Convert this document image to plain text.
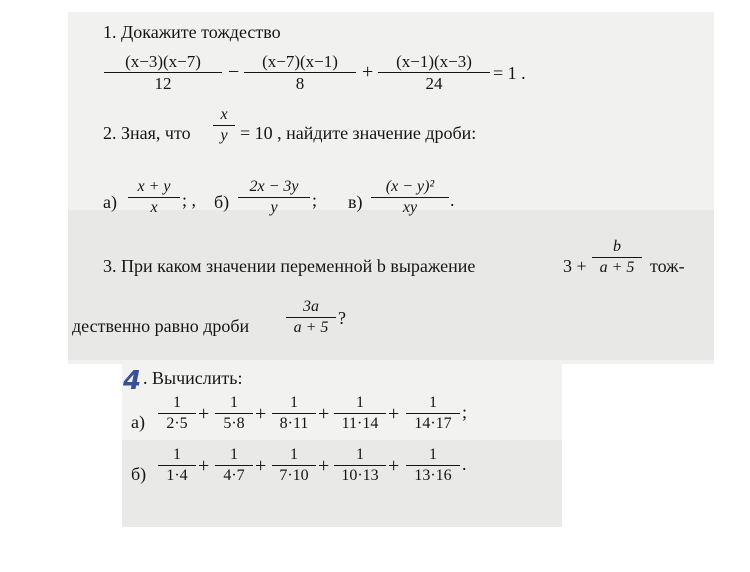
1. Докажите тождество
(x−3)(x−7)
12
−	(x−7)(x−1)
8
+	(x−1)(x−3)
24
= 1 .
2. Зная, что
x
y = 10 , найдите значение дроби:
а)
x + y
x	; , б)
2x − 3y
y	; в)
(x − y)²
xy	.
3. При каком значении переменной b выражение	3 +
b
a + 5 тож-
дественно равно дроби
3a
a + 5 ?
4 . Вычислить:
а)
б)
1
2·5 +
1
5·8 +
1
8·11 +
1
11·14 +
1
14·17
;
1
1·4 +
1
4·7 +
1
7·10 +
1
10·13 +
1
13·16
.
